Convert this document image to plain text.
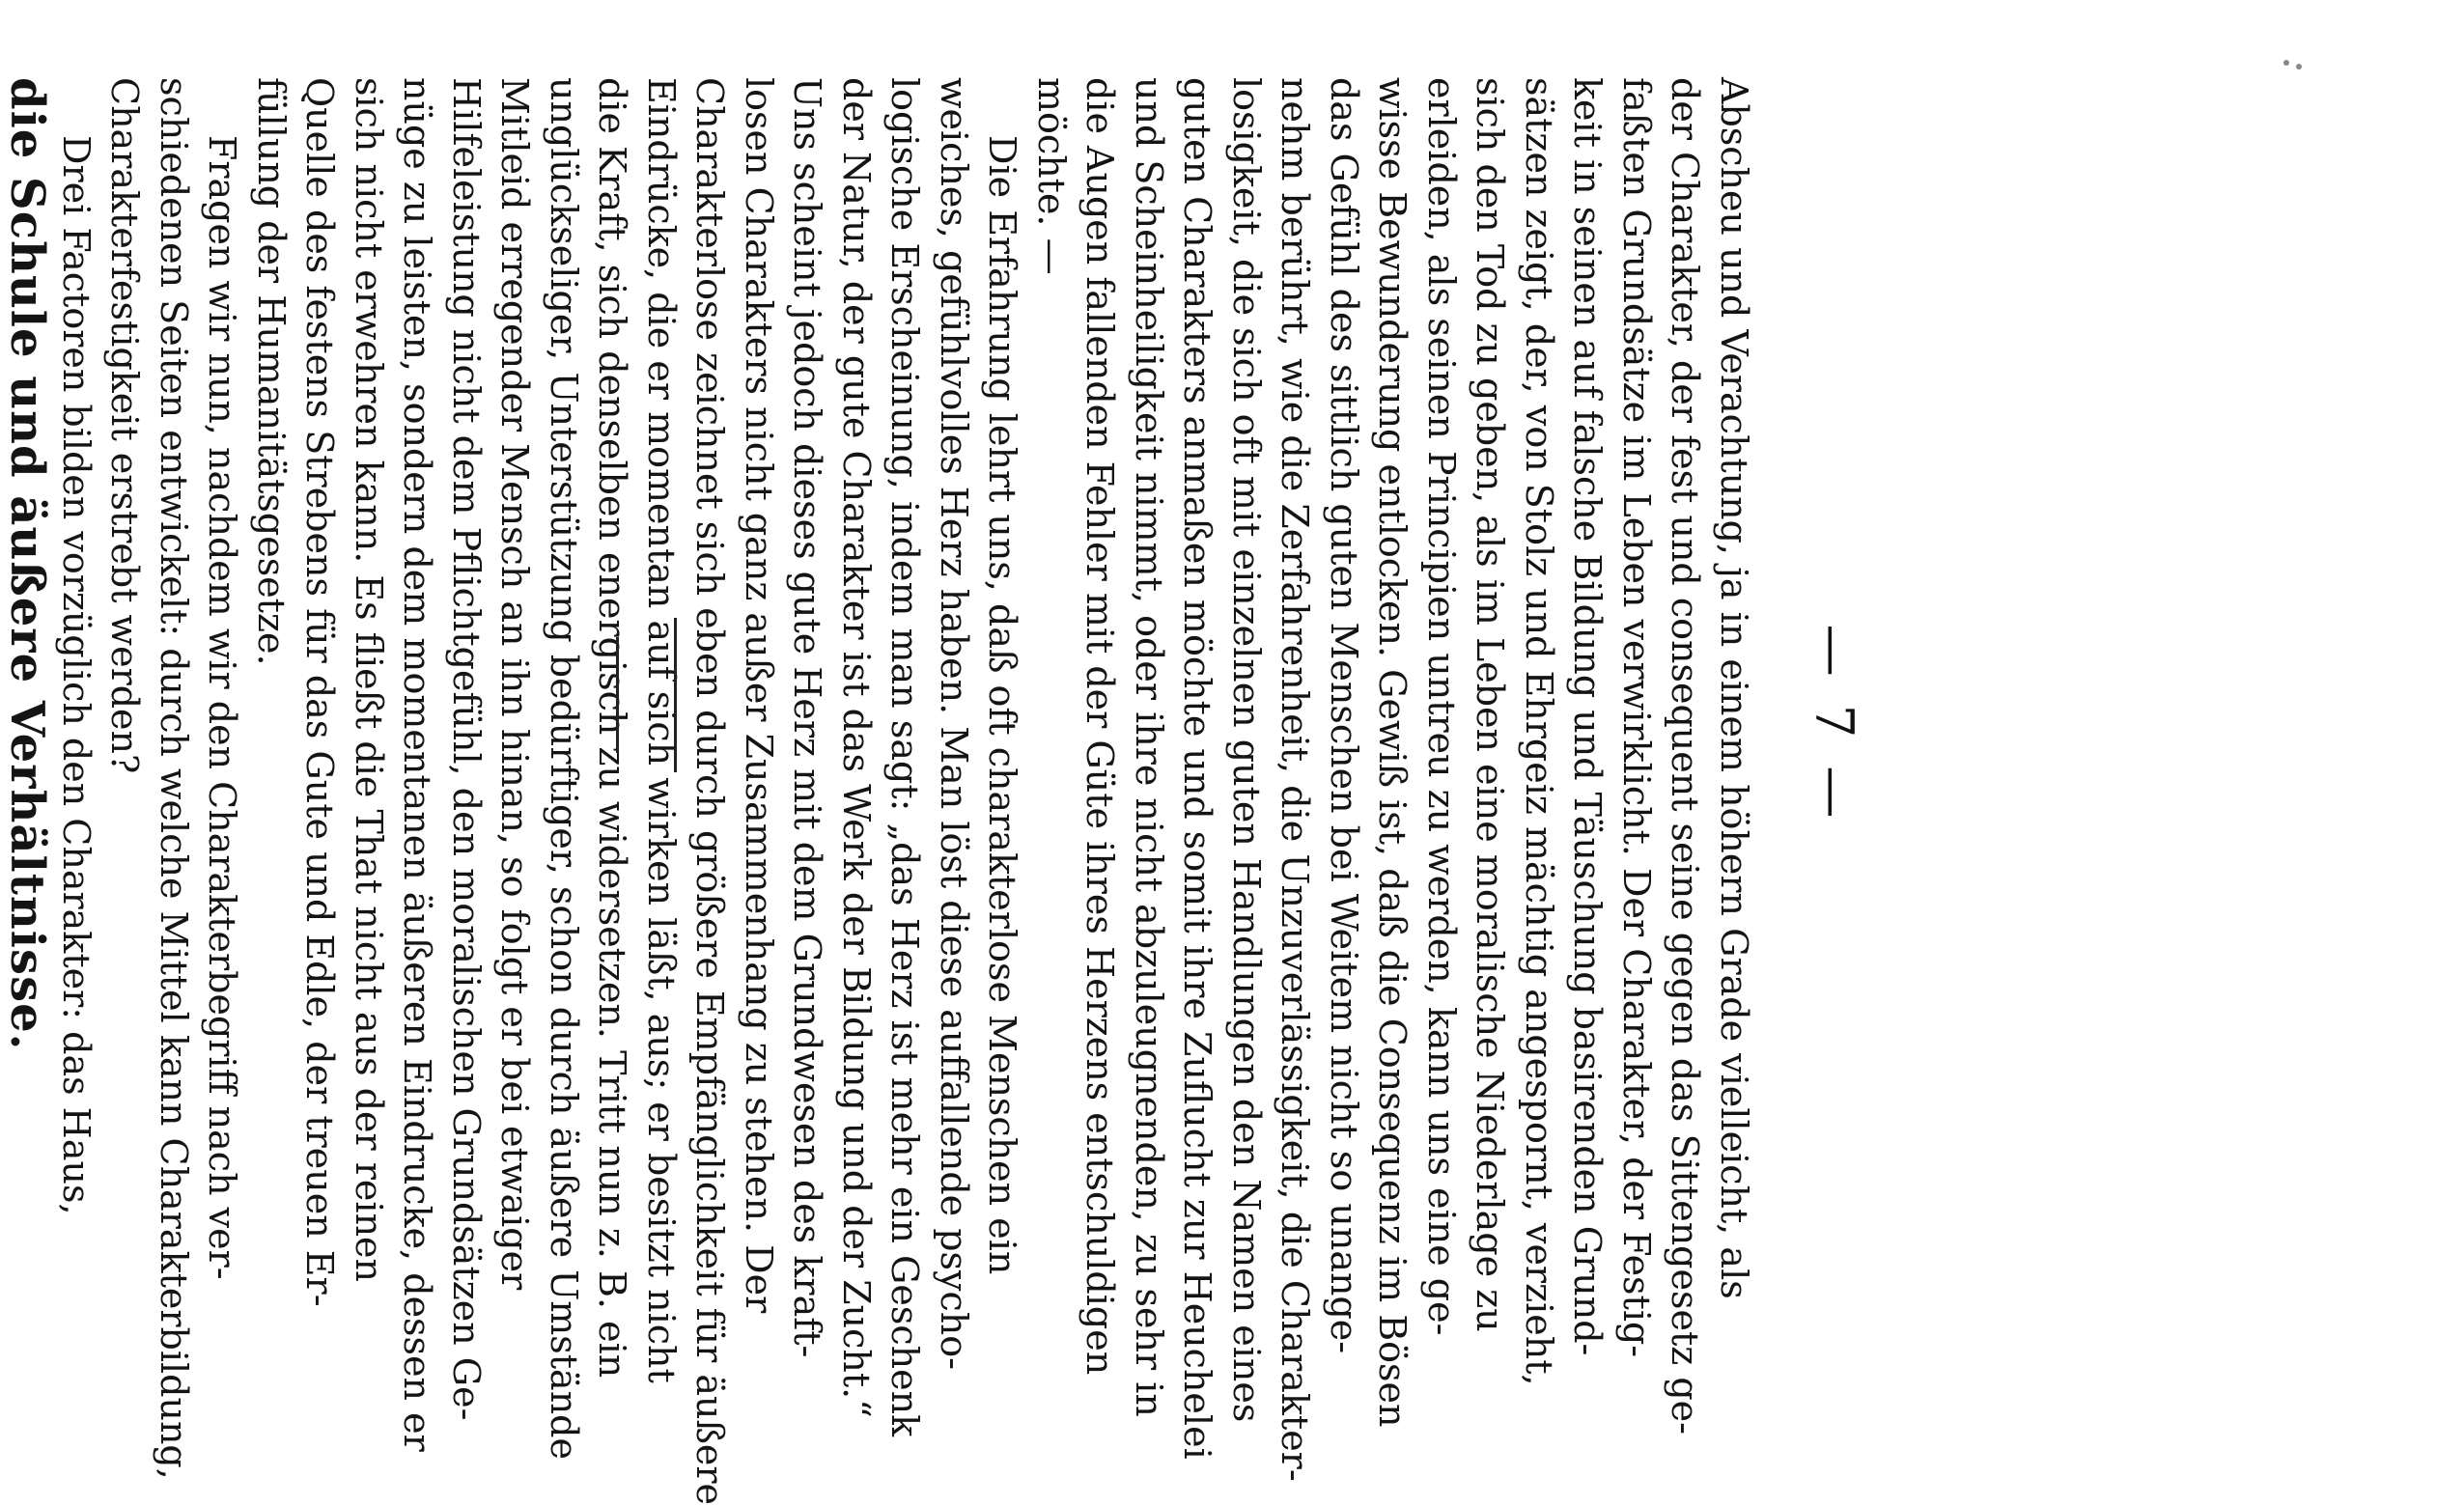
— 7 —
Abscheu und Verachtung, ja in einem höhern Grade vielleicht, als
der Charakter, der fest und consequent seine gegen das Sittengesetz ge-
faßten Grundsätze im Leben verwirklicht. Der Charakter, der Festig-
keit in seinen auf falsche Bildung und Täuschung basirenden Grund-
sätzen zeigt, der, von Stolz und Ehrgeiz mächtig angespornt, verzieht,
sich den Tod zu geben, als im Leben eine moralische Niederlage zu
erleiden, als seinen Principien untreu zu werden, kann uns eine ge-
wisse Bewunderung entlocken. Gewiß ist, daß die Consequenz im Bösen
das Gefühl des sittlich guten Menschen bei Weitem nicht so unange-
nehm berührt, wie die Zerfahrenheit, die Unzuverlässigkeit, die Charakter-
losigkeit, die sich oft mit einzelnen guten Handlungen den Namen eines
guten Charakters anmaßen möchte und somit ihre Zuflucht zur Heuchelei
und Scheinheiligkeit nimmt, oder ihre nicht abzuleugnenden, zu sehr in
die Augen fallenden Fehler mit der Güte ihres Herzens entschuldigen
möchte. —
Die Erfahrung lehrt uns, daß oft charakterlose Menschen ein
weiches, gefühlvolles Herz haben. Man löst diese auffallende psycho-
logische Erscheinung, indem man sagt: „das Herz ist mehr ein Geschenk
der Natur, der gute Charakter ist das Werk der Bildung und der Zucht.“
Uns scheint jedoch dieses gute Herz mit dem Grundwesen des kraft-
losen Charakters nicht ganz außer Zusammenhang zu stehen. Der
Charakterlose zeichnet sich eben durch größere Empfänglichkeit für äußere
Eindrücke, die er momentan auf sich wirken läßt, aus; er besitzt nicht
die Kraft, sich denselben energisch zu widersetzen. Tritt nun z. B. ein
unglückseliger, Unterstützung bedürftiger, schon durch äußere Umstände
Mitleid erregender Mensch an ihn hinan, so folgt er bei etwaiger
Hilfeleistung nicht dem Pflichtgefühl, den moralischen Grundsätzen Ge-
nüge zu leisten, sondern dem momentanen äußeren Eindrucke, dessen er
sich nicht erwehren kann. Es fließt die That nicht aus der reinen
Quelle des festens Strebens für das Gute und Edle, der treuen Er-
füllung der Humanitätsgesetze.
Fragen wir nun, nachdem wir den Charakterbegriff nach ver-
schiedenen Seiten entwickelt: durch welche Mittel kann Charakterbildung,
Charakterfestigkeit erstrebt werden?
Drei Factoren bilden vorzüglich den Charakter: das Haus,
die Schule und äußere Verhältnisse.
